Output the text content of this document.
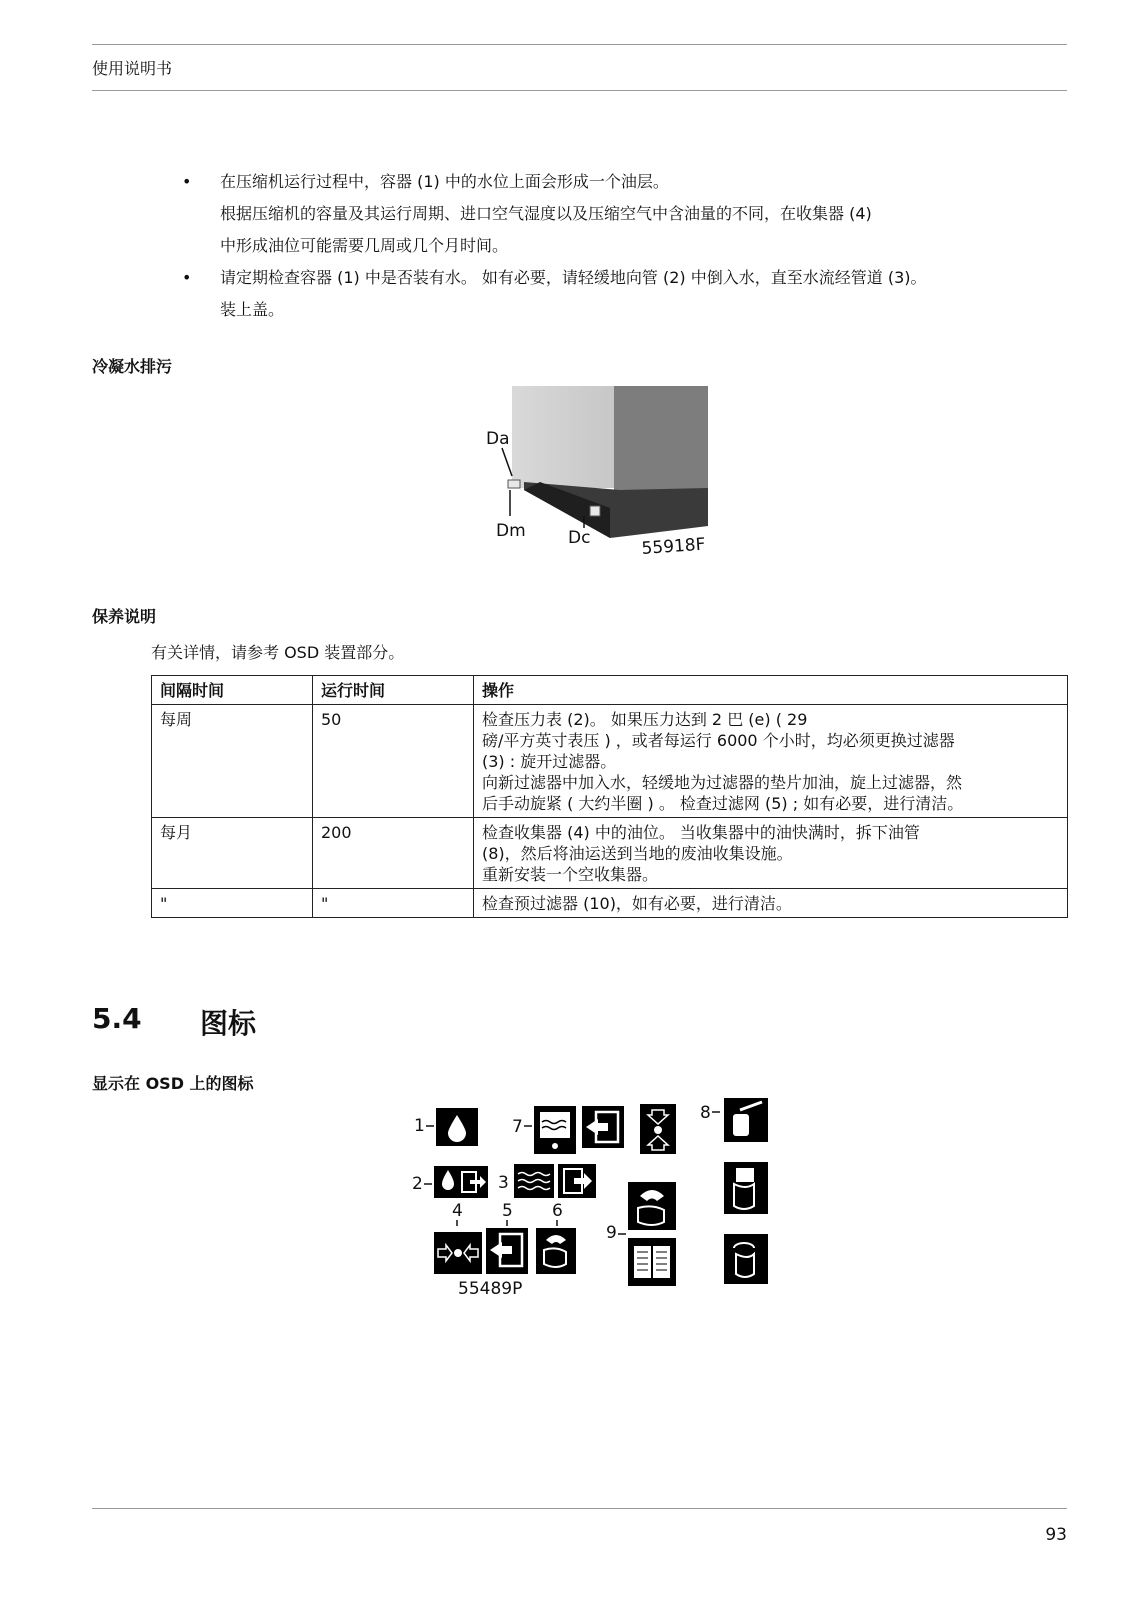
使用说明书
• 在压缩机运行过程中，容器 (1) 中的水位上面会形成一个油层。
根据压缩机的容量及其运行周期、进口空气湿度以及压缩空气中含油量的不同，在收集器 (4)
中形成油位可能需要几周或几个月时间。
• 请定期检查容器 (1) 中是否装有水。 如有必要，请轻缓地向管 (2) 中倒入水，直至水流经管道 (3)。
装上盖。
冷凝水排污
Da
Dm Dc	55918F
保养说明
有关详情，请参考 OSD 装置部分。
间隔时间	运行时间	操作
每周	50	检查压力表 (2)。 如果压力达到 2 巴 (e) ( 29
磅/平方英寸表压 ) ，或者每运行 6000 个小时，均必须更换过滤器
(3) : 旋开过滤器。
向新过滤器中加入水，轻缓地为过滤器的垫片加油，旋上过滤器，然
后手动旋紧 ( 大约半圈 ) 。 检查过滤网 (5) ; 如有必要，进行清洁。

每月	200	检查收集器 (4) 中的油位。 当收集器中的油快满时，拆下油管
(8)，然后将油运送到当地的废油收集设施。
重新安装一个空收集器。

"	"	检查预过滤器 (10)，如有必要，进行清洁。
5.4 图标
显示在 OSD 上的图标
1	7
8
2	3
4 5 6
9
55489P
93
